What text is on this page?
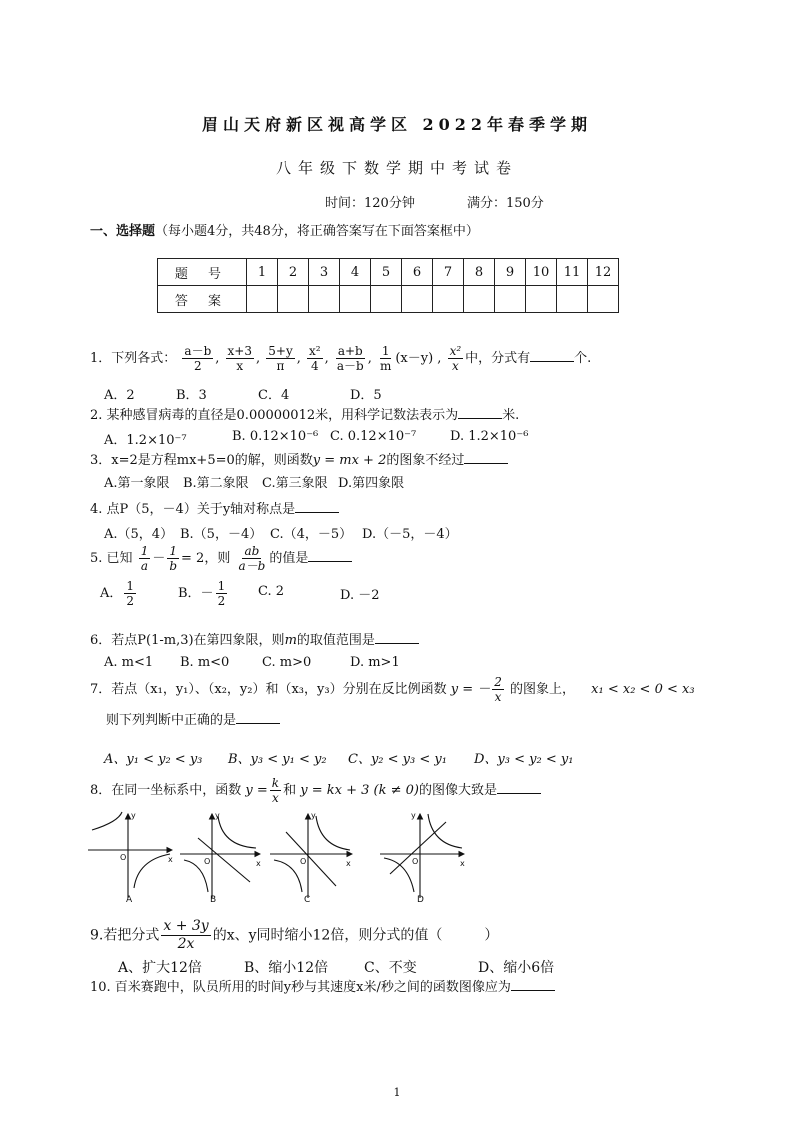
眉山天府新区视高学区 2022年春季学期
八年级下数学期中考试卷
时间：120分钟	满分：150分
一、选择题（每小题4分，共48分，将正确答案写在下面答案框中）
题 号	1	2	3	4	5	6	7	8	9	10	11	12
答 案												
1．下列各式： $\frac{a-b}{2}$ , $\frac{x+3}{x}$ , $\frac{5+y}{\pi}$ , $\frac{\text{x²}}{4}$ , $\frac{a+b}{a-b}$ , $\frac{1}{m} (x-y)$ , $\frac{\text{x²}}{x}$ 中，分式有	个.
A．2	B．3	C．4	D．5
2. 某种感冒病毒的直径是0.00000012米，用科学记数法表示为	米.
A．1.2×10⁻⁷	B. 0.12×10⁻⁶ C. 0.12×10⁻⁷	D. 1.2×10⁻⁶
3．x=2是方程mx+5=0的解，则函数y = mx + 2的图象不经过
A.第一象限 B.第二象限 C.第三象限 D.第四象限
4. 点P（5，－4）关于y轴对称点是
A.（5，4） B.（5，－4） C.（4，－5） D.（－5，－4）
5. 已知 $\frac{1}{a} - \frac{1}{b} = 2$，则 $\frac{ab}{a-b}$ 的值是
A． $\frac{1}{2}$	B．－ $\frac{1}{2} C$. 2	D. －2
6．若点P(1-m,3)在第四象限，则m的取值范围是
A. m<1 B. m<0	C. m>0	D. m>1
7．若点（x₁，y₁）、（x₂，y₂）和（x₃，y₃）分别在反比例函数 y = － $\frac{2}{x}$ 的图象上， x₁ < x₂ < 0 < x₃
则下列判断中正确的是
A、y₁ < y₂ < y₃ B、y₃ < y₁ < y₂ C、y₂ < y₃ < y₁ D、y₃ < y₂ < y₁
8．在同一坐标系中，函数 $y = \frac{k}{x}$ 和 y = kx + 3 (k ≠ 0)的图像大致是
y
x
O
y
x
O
y
x
O
y
x
O
A	B	C	D
9.若把分式 $\frac{x + 3y}{2x}$ 的x、y同时缩小12倍，则分式的值（　　　）
A、扩大12倍	B、缩小12倍	C、不变	D、缩小6倍
10. 百米赛跑中，队员所用的时间y秒与其速度x米/秒之间的函数图像应为
1
